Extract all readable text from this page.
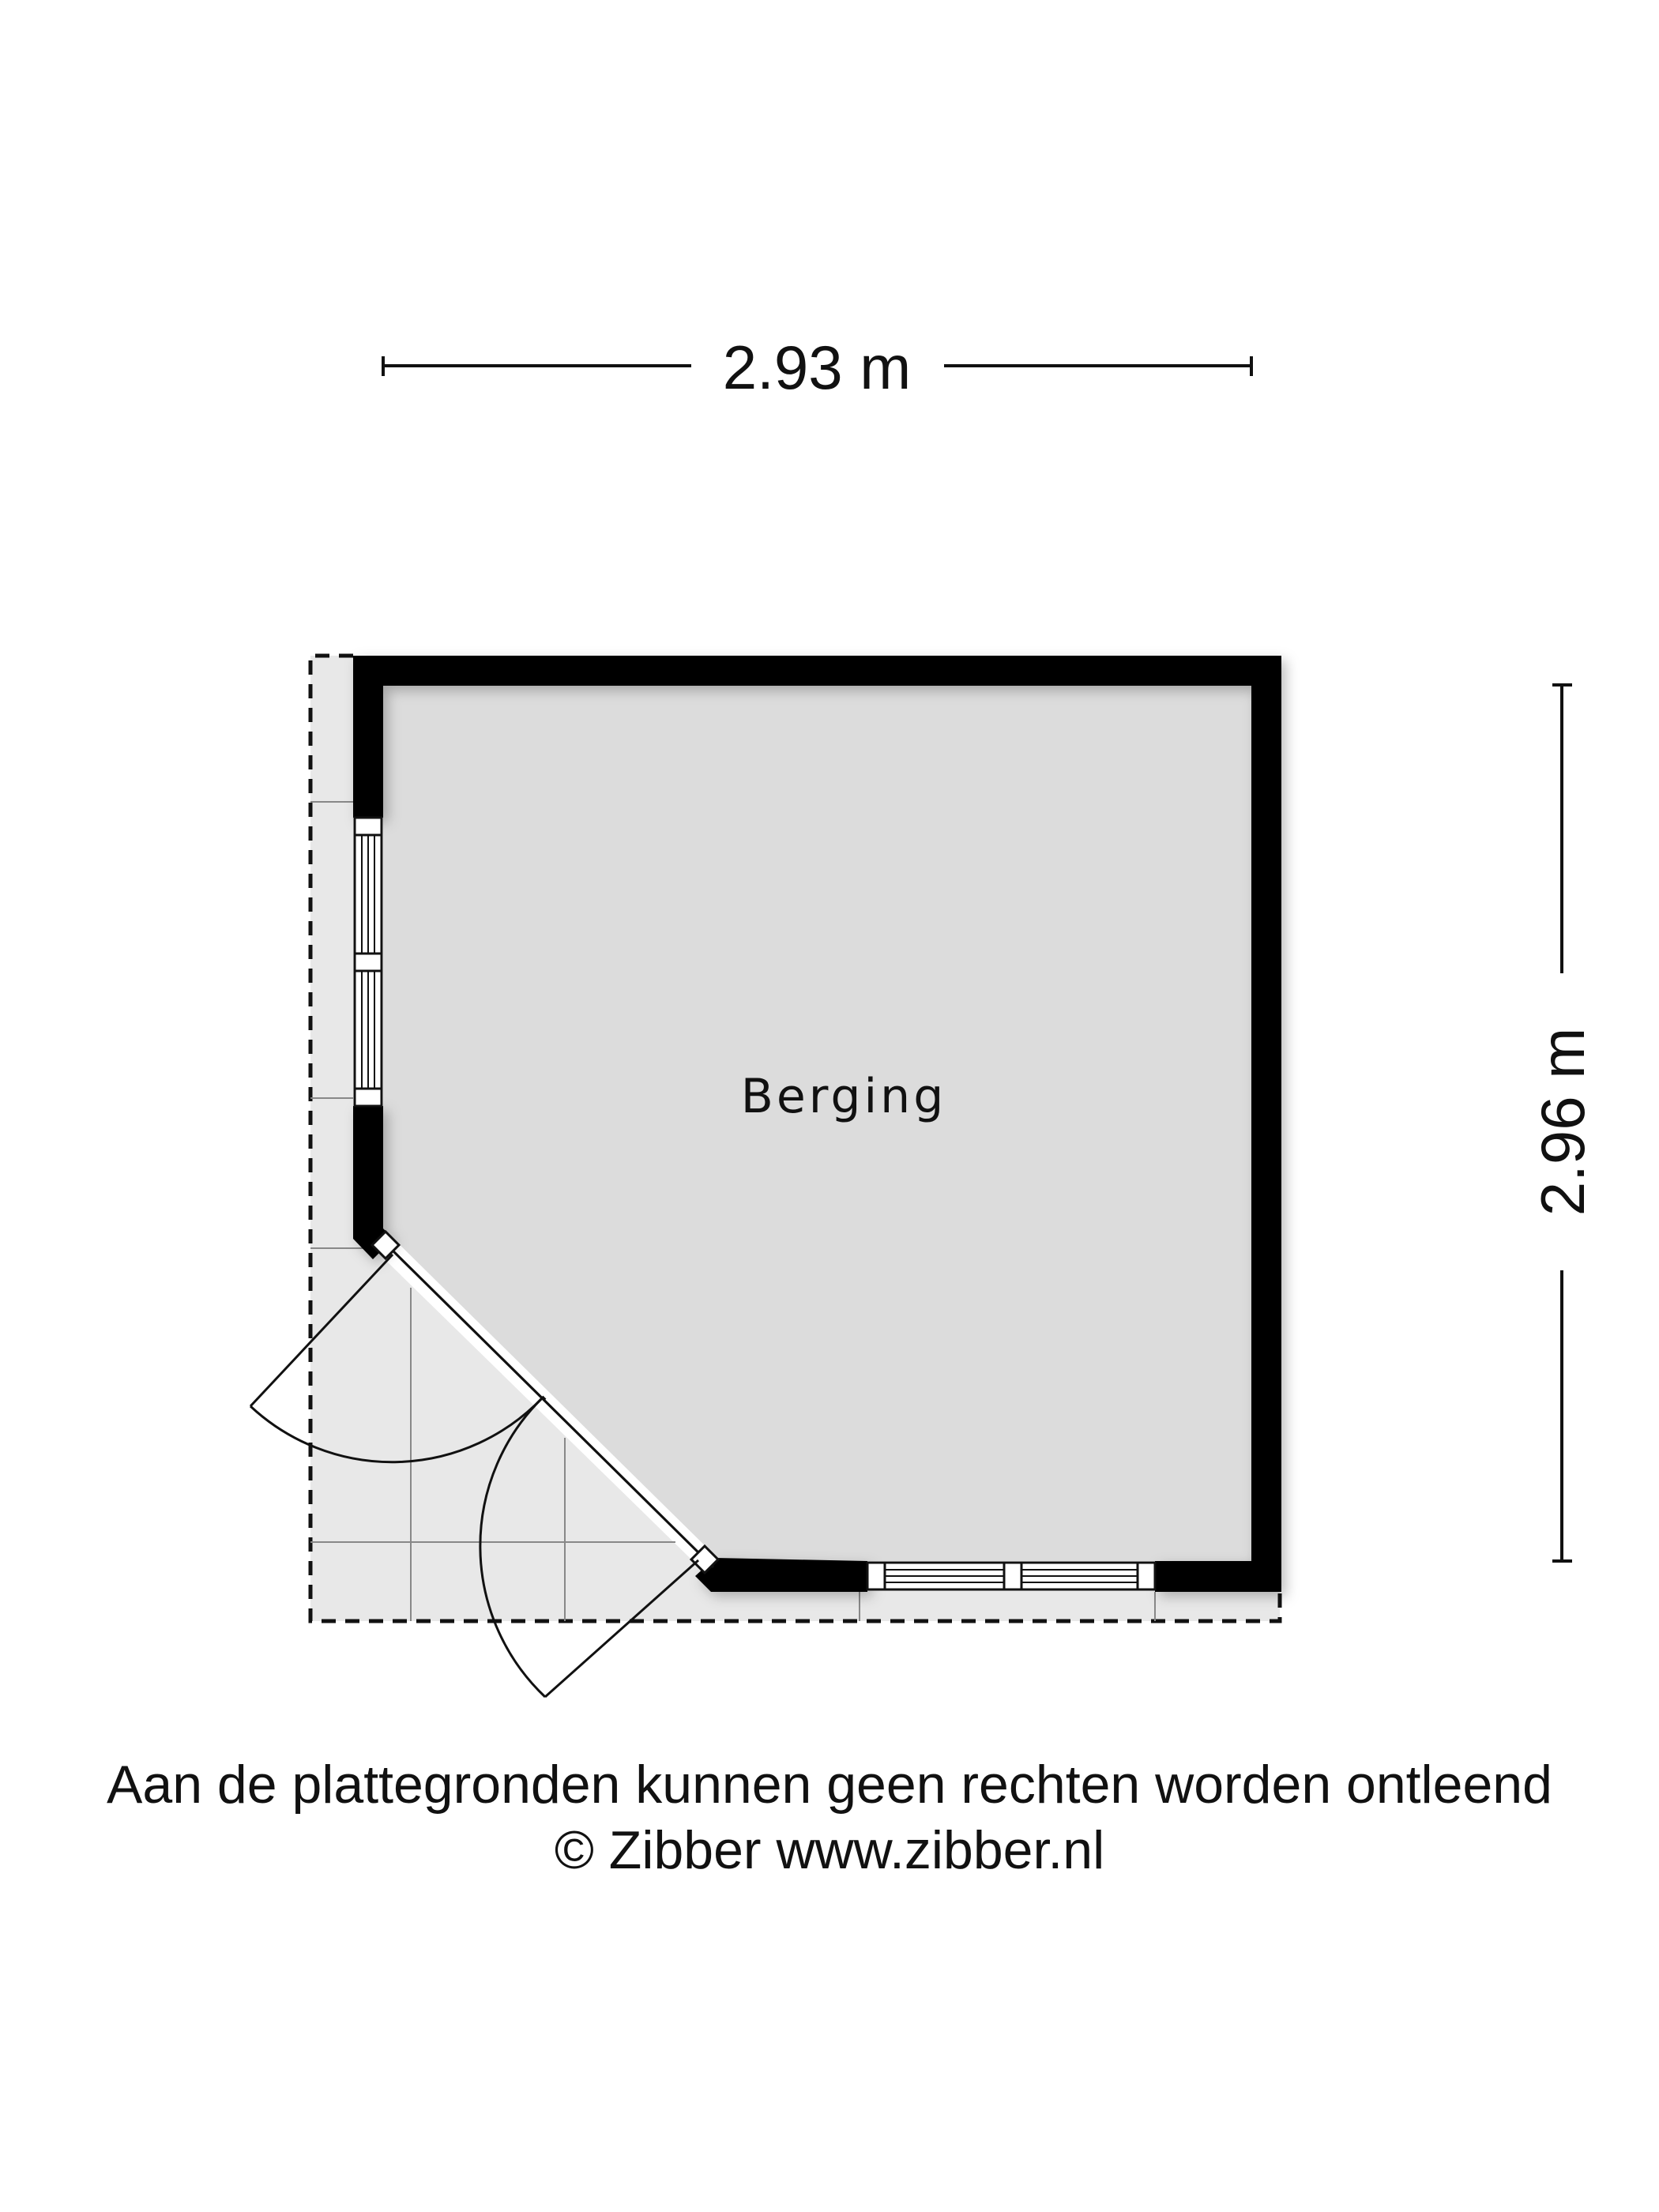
2.93 m
2.96 m
Berging
Aan de plattegronden kunnen geen rechten worden ontleend
© Zibber www.zibber.nl
